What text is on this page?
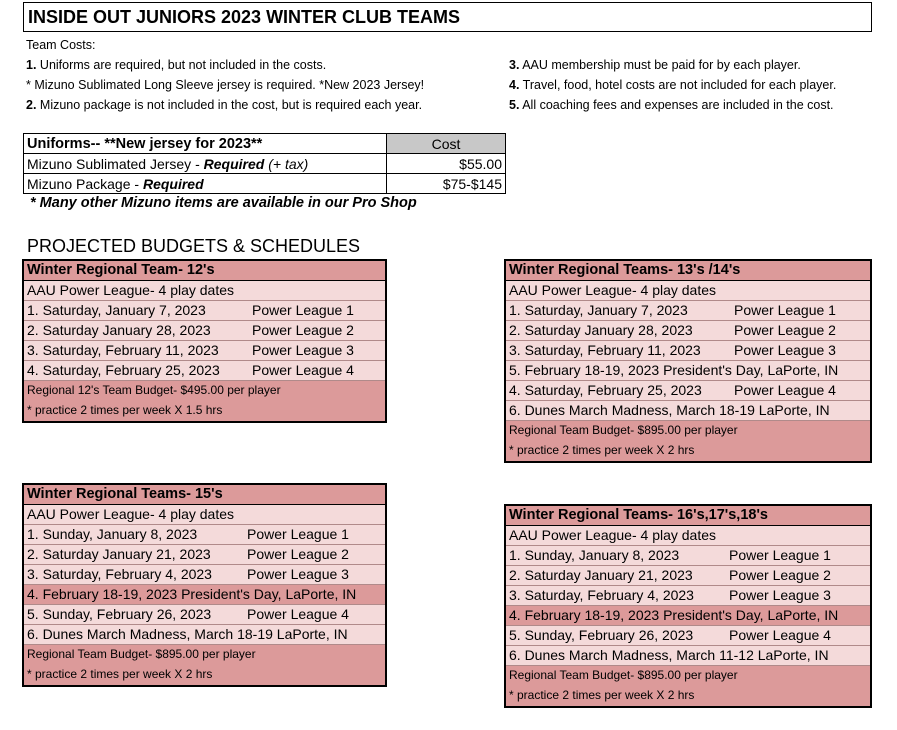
INSIDE OUT JUNIORS 2023 WINTER CLUB TEAMS
Team Costs:
1. Uniforms are required, but not included in the costs.
* Mizuno Sublimated Long Sleeve jersey is required. *New 2023 Jersey!
2. Mizuno package is not included in the cost, but is required each year.
3. AAU membership must be paid for by each player.
4. Travel, food, hotel costs are not included for each player.
5. All coaching fees and expenses are included in the cost.
Uniforms-- **New jersey for 2023**	Cost
Mizuno Sublimated Jersey - Required (+ tax)	$55.00
Mizuno Package - Required	$75-$145
* Many other Mizuno items are available in our Pro Shop
PROJECTED BUDGETS & SCHEDULES
Winter Regional Team- 12's
AAU Power League- 4 play dates
1. Saturday, January 7, 2023	Power League 1
2. Saturday January 28, 2023	Power League 2
3. Saturday, February 11, 2023 Power League 3
4. Saturday, February 25, 2023 Power League 4
Regional 12's Team Budget- $495.00 per player
* practice 2 times per week X 1.5 hrs
Winter Regional Teams- 13's /14's
AAU Power League- 4 play dates
1. Saturday, January 7, 2023	Power League 1
2. Saturday January 28, 2023	Power League 2
3. Saturday, February 11, 2023 Power League 3
5. February 18-19, 2023 President's Day, LaPorte, IN
4. Saturday, February 25, 2023 Power League 4
6. Dunes March Madness, March 18-19 LaPorte, IN
Regional Team Budget- $895.00 per player
* practice 2 times per week X 2 hrs
Winter Regional Teams- 15's
AAU Power League- 4 play dates
1. Sunday, January 8, 2023	Power League 1
2. Saturday January 21, 2023	Power League 2
3. Saturday, February 4, 2023	Power League 3
4. February 18-19, 2023 President's Day, LaPorte, IN
5. Sunday, February 26, 2023	Power League 4
6. Dunes March Madness, March 18-19 LaPorte, IN
Regional Team Budget- $895.00 per player
* practice 2 times per week X 2 hrs
Winter Regional Teams- 16's,17's,18's
AAU Power League- 4 play dates
1. Sunday, January 8, 2023	Power League 1
2. Saturday January 21, 2023	Power League 2
3. Saturday, February 4, 2023	Power League 3
4. February 18-19, 2023 President's Day, LaPorte, IN
5. Sunday, February 26, 2023	Power League 4
6. Dunes March Madness, March 11-12 LaPorte, IN
Regional Team Budget- $895.00 per player
* practice 2 times per week X 2 hrs
